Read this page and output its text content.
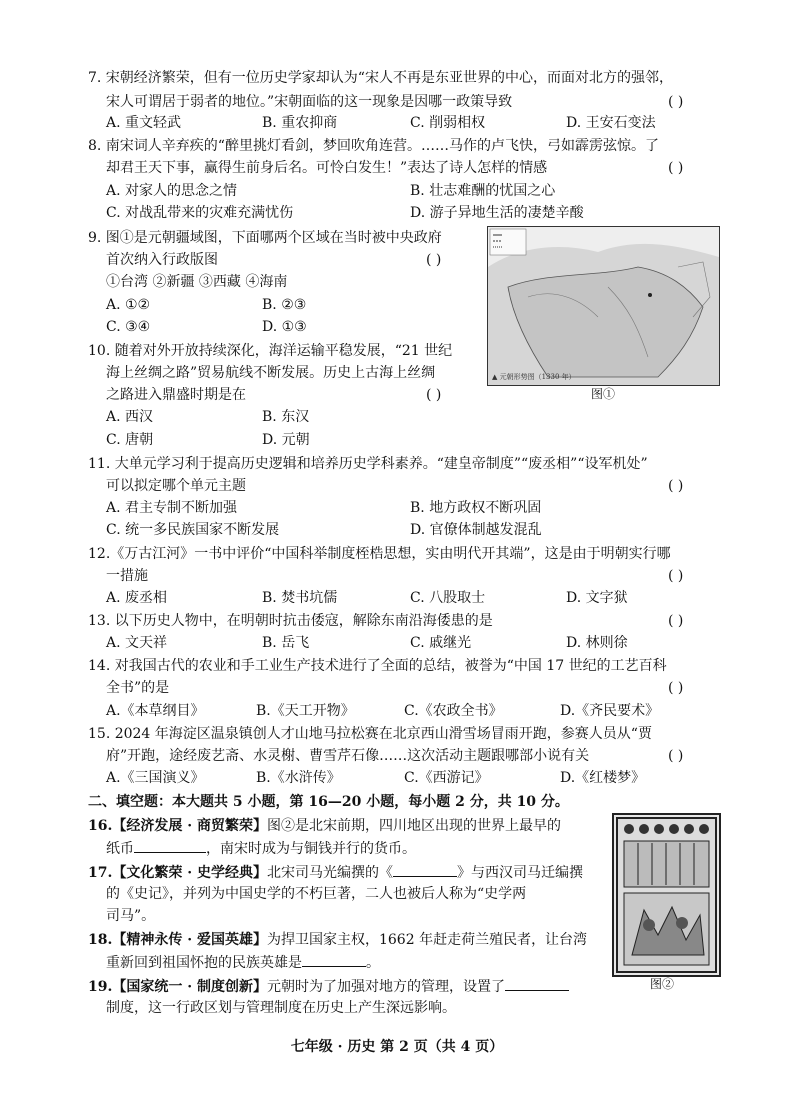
7. 宋朝经济繁荣，但有一位历史学家却认为“宋人不再是东亚世界的中心，而面对北方的强邻，
宋人可谓居于弱者的地位。”宋朝面临的这一现象是因哪一政策导致	( )
A. 重文轻武	B. 重农抑商	C. 削弱相权	D. 王安石变法
8. 南宋词人辛弃疾的“醉里挑灯看剑，梦回吹角连营。……马作的卢飞快，弓如霹雳弦惊。了
却君王天下事，赢得生前身后名。可怜白发生！”表达了诗人怎样的情感	( )
A. 对家人的思念之情	B. 壮志难酬的忧国之心
C. 对战乱带来的灾难充满忧伤	D. 游子异地生活的凄楚辛酸
9. 图①是元朝疆域图，下面哪两个区域在当时被中央政府
首次纳入行政版图	( )
①台湾 ②新疆 ③西藏 ④海南
A. ①②	B. ②③
C. ③④	D. ①③
▲ 元朝形势图（1330 年）
图①
10. 随着对外开放持续深化，海洋运输平稳发展，“21 世纪
海上丝绸之路”贸易航线不断发展。历史上古海上丝绸
之路进入鼎盛时期是在	( )
A. 西汉	B. 东汉
C. 唐朝	D. 元朝
11. 大单元学习利于提高历史逻辑和培养历史学科素养。“建皇帝制度”“废丞相”“设军机处”
可以拟定哪个单元主题	( )
A. 君主专制不断加强	B. 地方政权不断巩固
C. 统一多民族国家不断发展	D. 官僚体制越发混乱
12.《万古江河》一书中评价“中国科举制度桎梏思想，实由明代开其端”，这是由于明朝实行哪
一措施	( )
A. 废丞相	B. 焚书坑儒	C. 八股取士	D. 文字狱
13. 以下历史人物中，在明朝时抗击倭寇，解除东南沿海倭患的是	( )
A. 文天祥	B. 岳飞	C. 戚继光	D. 林则徐
14. 对我国古代的农业和手工业生产技术进行了全面的总结，被誉为“中国 17 世纪的工艺百科
全书”的是	( )
A.《本草纲目》	B.《天工开物》	C.《农政全书》	D.《齐民要术》
15. 2024 年海淀区温泉镇创人才山地马拉松赛在北京西山滑雪场冒雨开跑，参赛人员从“贾
府”开跑，途经废艺斋、水灵榭、曹雪芹石像……这次活动主题跟哪部小说有关	( )
A.《三国演义》	B.《水浒传》	C.《西游记》	D.《红楼梦》
二、填空题：本大题共 5 小题，第 16—20 小题，每小题 2 分，共 10 分。
16.【经济发展 · 商贸繁荣】图②是北宋前期，四川地区出现的世界上最早的
纸币	，南宋时成为与铜钱并行的货币。
17.【文化繁荣 · 史学经典】北宋司马光编撰的《	》与西汉司马迁编撰
的《史记》，并列为中国史学的不朽巨著，二人也被后人称为“史学两
司马”。
18.【精神永传 · 爱国英雄】为捍卫国家主权，1662 年赶走荷兰殖民者，让台湾
重新回到祖国怀抱的民族英雄是	。
19.【国家统一 · 制度创新】元朝时为了加强对地方的管理，设置了
制度，这一行政区划与管理制度在历史上产生深远影响。
图②
七年级 · 历史 第 2 页（共 4 页）
